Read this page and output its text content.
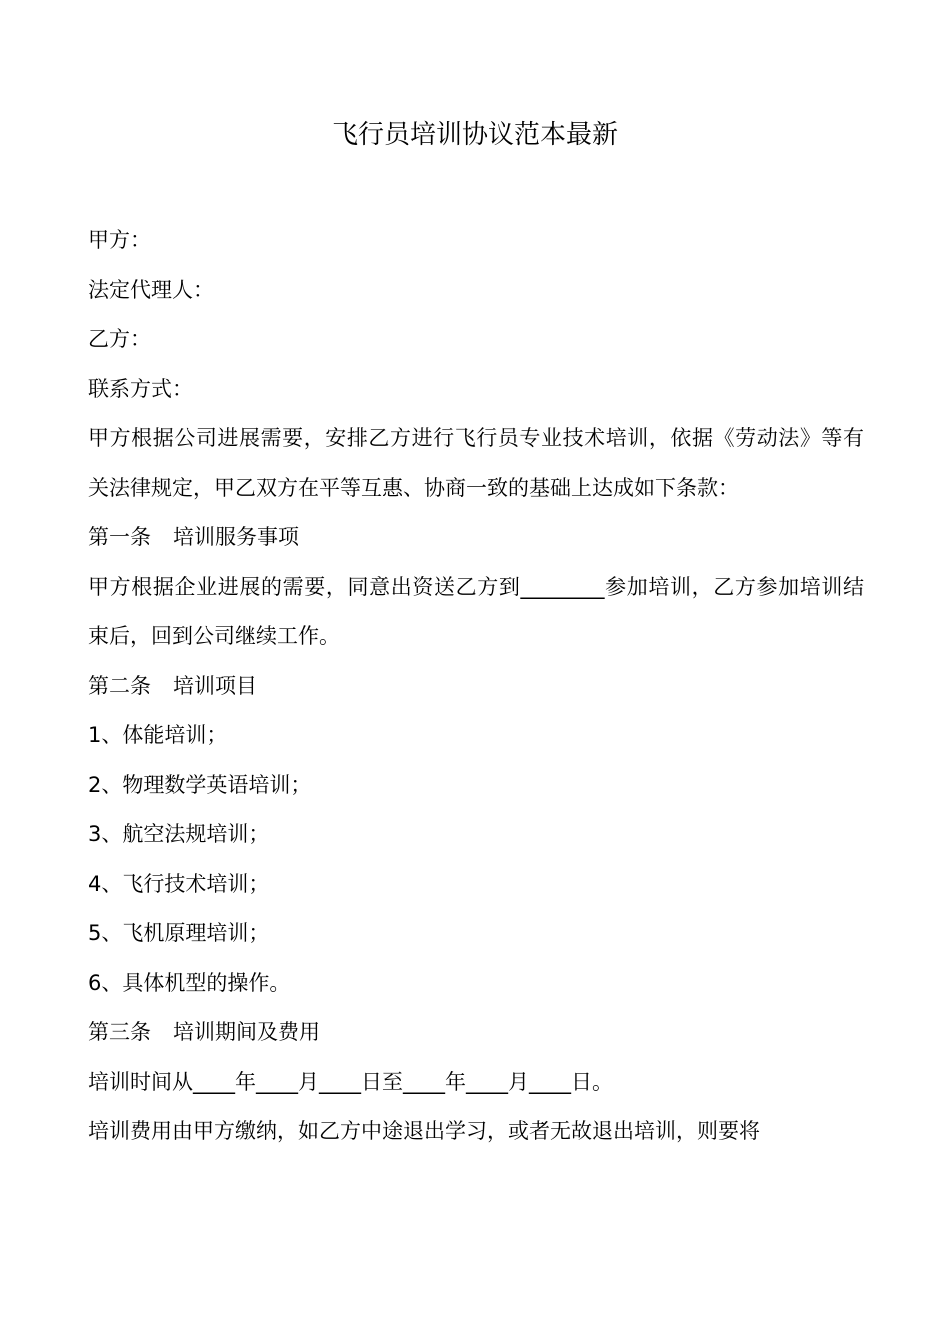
飞行员培训协议范本最新

甲方：

法定代理人：

乙方：

联系方式：

甲方根据公司进展需要，安排乙方进行飞行员专业技术培训，依据《劳动法》等有关法律规定，甲乙双方在平等互惠、协商一致的基础上达成如下条款：

第一条 培训服务事项

甲方根据企业进展的需要，同意出资送乙方到________参加培训，乙方参加培训结束后，回到公司继续工作。

第二条 培训项目

1、体能培训；

2、物理数学英语培训；

3、航空法规培训；

4、飞行技术培训；

5、飞机原理培训；

6、具体机型的操作。

第三条 培训期间及费用

培训时间从____年____月____日至____年____月____日。

培训费用由甲方缴纳，如乙方中途退出学习，或者无故退出培训，则要将
